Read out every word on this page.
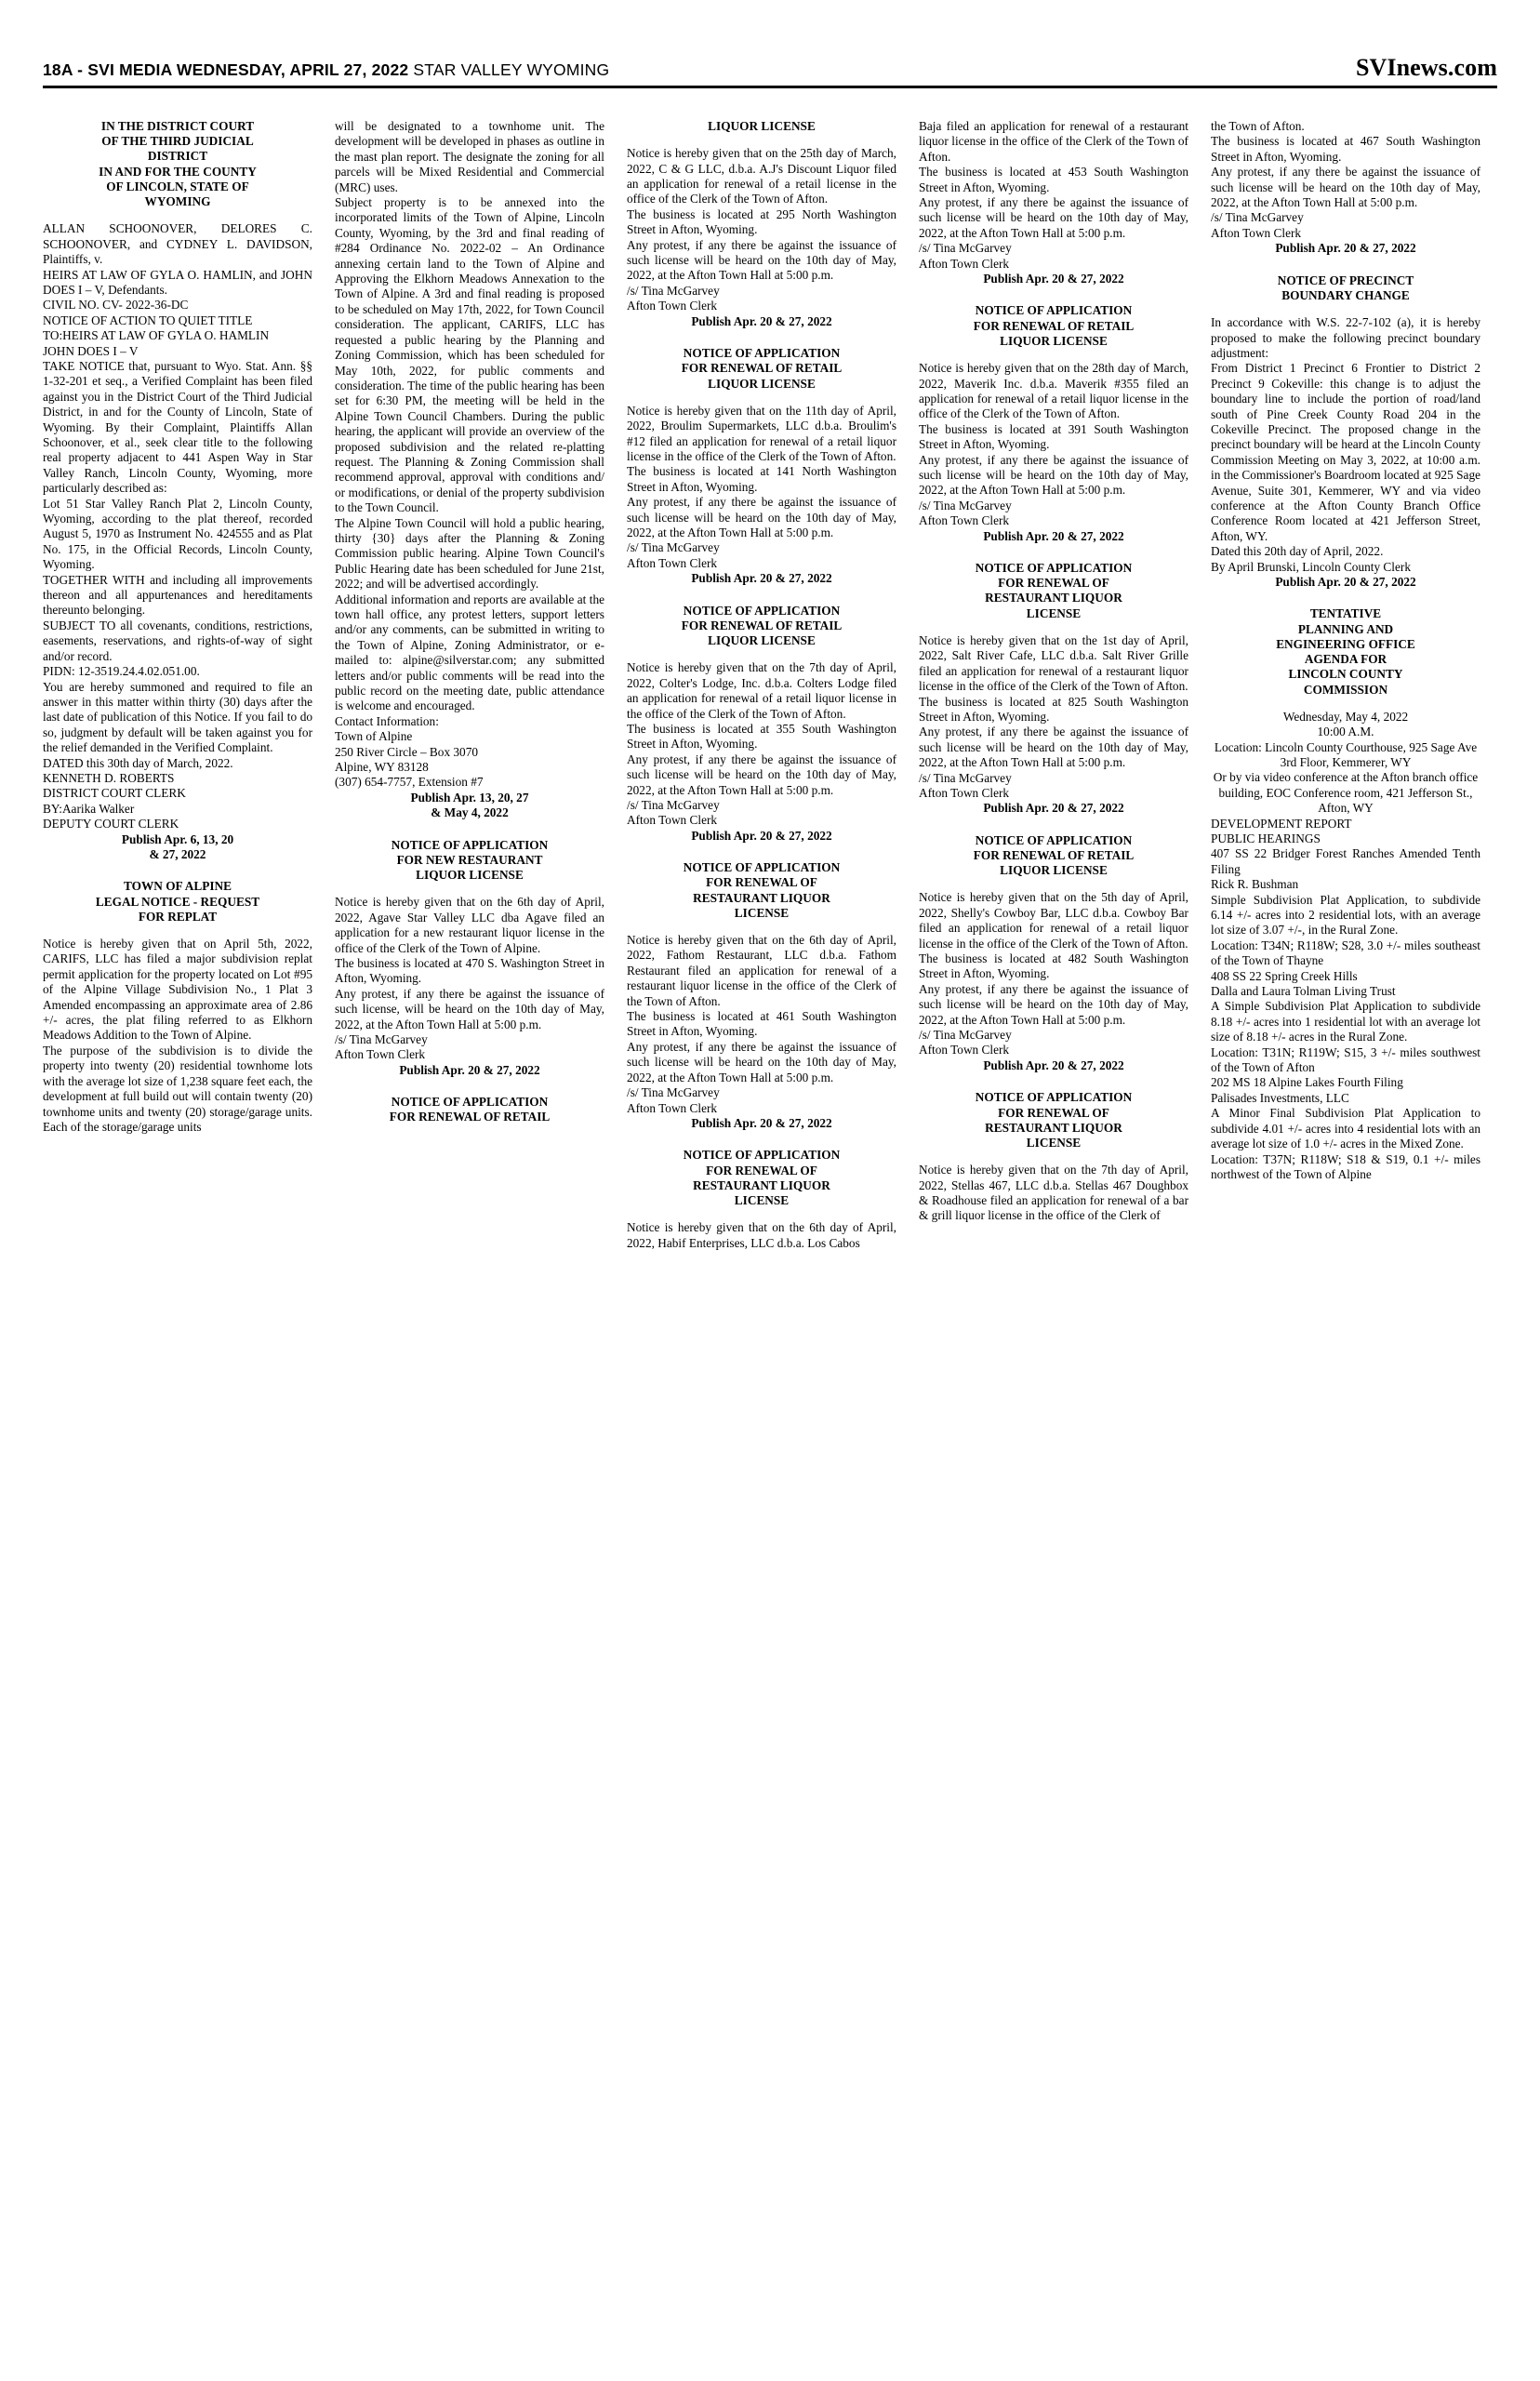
18A - SVI MEDIA WEDNESDAY, APRIL 27, 2022 STAR VALLEY WYOMING	SVInews.com

IN THE DISTRICT COURT
OF THE THIRD JUDICIAL
DISTRICT
IN AND FOR THE COUNTY
OF LINCOLN, STATE OF
WYOMING

ALLAN SCHOONOVER, DELORES C. SCHOONOVER, and CYDNEY L. DAVIDSON, Plaintiffs, v.

HEIRS AT LAW OF GYLA O. HAMLIN, and JOHN DOES I – V, Defendants.

CIVIL NO. CV- 2022-36-DC

NOTICE OF ACTION TO QUIET TITLE

TO:HEIRS AT LAW OF GYLA O. HAMLIN

JOHN DOES I – V

TAKE NOTICE that, pursuant to Wyo. Stat. Ann. §§ 1-32-201 et seq., a Verified Complaint has been filed against you in the District Court of the Third Judicial District, in and for the County of Lincoln, State of Wyoming. By their Complaint, Plaintiffs Allan Schoonover, et al., seek clear title to the following real property adjacent to 441 Aspen Way in Star Valley Ranch, Lincoln County, Wyoming, more particularly described as:

Lot 51 Star Valley Ranch Plat 2, Lincoln County, Wyoming, according to the plat thereof, recorded August 5, 1970 as Instrument No. 424555 and as Plat No. 175, in the Official Records, Lincoln County, Wyoming.

TOGETHER WITH and including all improvements thereon and all appurtenances and hereditaments thereunto belonging.

SUBJECT TO all covenants, conditions, restrictions, easements, reservations, and rights-of-way of sight and/or record.

PIDN: 12-3519.24.4.02.051.00.

You are hereby summoned and required to file an answer in this matter within thirty (30) days after the last date of publication of this Notice. If you fail to do so, judgment by default will be taken against you for the relief demanded in the Verified Complaint.

DATED this 30th day of March, 2022.

KENNETH D. ROBERTS

DISTRICT COURT CLERK

BY:Aarika Walker

DEPUTY COURT CLERK

Publish Apr. 6, 13, 20
& 27, 2022

TOWN OF ALPINE
LEGAL NOTICE - REQUEST
FOR REPLAT

Notice is hereby given that on April 5th, 2022, CARIFS, LLC has filed a major subdivision replat permit application for the property located on Lot #95 of the Alpine Village Subdivision No., 1 Plat 3 Amended encompassing an approximate area of 2.86 +/- acres, the plat filing referred to as Elkhorn Meadows Addition to the Town of Alpine.

The purpose of the subdivision is to divide the property into twenty (20) residential townhome lots with the average lot size of 1,238 square feet each, the development at full build out will contain twenty (20) townhome units and twenty (20) storage/garage units. Each of the storage/garage units

will be designated to a townhome unit. The development will be developed in phases as outline in the mast plan report. The designate the zoning for all parcels will be Mixed Residential and Commercial (MRC) uses.

Subject property is to be annexed into the incorporated limits of the Town of Alpine, Lincoln County, Wyoming, by the 3rd and final reading of #284 Ordinance No. 2022-02 – An Ordinance annexing certain land to the Town of Alpine and Approving the Elkhorn Meadows Annexation to the Town of Alpine. A 3rd and final reading is proposed to be scheduled on May 17th, 2022, for Town Council consideration. The applicant, CARIFS, LLC has requested a public hearing by the Planning and Zoning Commission, which has been scheduled for May 10th, 2022, for public comments and consideration. The time of the public hearing has been set for 6:30 PM, the meeting will be held in the Alpine Town Council Chambers. During the public hearing, the applicant will provide an overview of the proposed subdivision and the related re-platting request. The Planning & Zoning Commission shall recommend approval, approval with conditions and/ or modifications, or denial of the property subdivision to the Town Council.

The Alpine Town Council will hold a public hearing, thirty {30} days after the Planning & Zoning Commission public hearing. Alpine Town Council's Public Hearing date has been scheduled for June 21st, 2022; and will be advertised accordingly.

Additional information and reports are available at the town hall office, any protest letters, support letters and/or any comments, can be submitted in writing to the Town of Alpine, Zoning Administrator, or e-mailed to: alpine@silverstar.com; any submitted letters and/or public comments will be read into the public record on the meeting date, public attendance is welcome and encouraged.

Contact Information:

Town of Alpine

250 River Circle – Box 3070

Alpine, WY 83128

(307) 654-7757, Extension #7

Publish Apr. 13, 20, 27
& May 4, 2022

NOTICE OF APPLICATION
FOR NEW RESTAURANT
LIQUOR LICENSE

Notice is hereby given that on the 6th day of April, 2022, Agave Star Valley LLC dba Agave filed an application for a new restaurant liquor license in the office of the Clerk of the Town of Alpine.

The business is located at 470 S. Washington Street in Afton, Wyoming.

Any protest, if any there be against the issuance of such license, will be heard on the 10th day of May, 2022, at the Afton Town Hall at 5:00 p.m.

/s/ Tina McGarvey

Afton Town Clerk

Publish Apr. 20 & 27, 2022

NOTICE OF APPLICATION
FOR RENEWAL OF RETAIL

LIQUOR LICENSE

Notice is hereby given that on the 25th day of March, 2022, C & G LLC, d.b.a. A.J's Discount Liquor filed an application for renewal of a retail license in the office of the Clerk of the Town of Afton.

The business is located at 295 North Washington Street in Afton, Wyoming.

Any protest, if any there be against the issuance of such license will be heard on the 10th day of May, 2022, at the Afton Town Hall at 5:00 p.m.

/s/ Tina McGarvey

Afton Town Clerk

Publish Apr. 20 & 27, 2022

NOTICE OF APPLICATION
FOR RENEWAL OF RETAIL
LIQUOR LICENSE

Notice is hereby given that on the 11th day of April, 2022, Broulim Supermarkets, LLC d.b.a. Broulim's #12 filed an application for renewal of a retail liquor license in the office of the Clerk of the Town of Afton.

The business is located at 141 North Washington Street in Afton, Wyoming.

Any protest, if any there be against the issuance of such license will be heard on the 10th day of May, 2022, at the Afton Town Hall at 5:00 p.m.

/s/ Tina McGarvey

Afton Town Clerk

Publish Apr. 20 & 27, 2022

NOTICE OF APPLICATION
FOR RENEWAL OF RETAIL
LIQUOR LICENSE

Notice is hereby given that on the 7th day of April, 2022, Colter's Lodge, Inc. d.b.a. Colters Lodge filed an application for renewal of a retail liquor license in the office of the Clerk of the Town of Afton.

The business is located at 355 South Washington Street in Afton, Wyoming.

Any protest, if any there be against the issuance of such license will be heard on the 10th day of May, 2022, at the Afton Town Hall at 5:00 p.m.

/s/ Tina McGarvey

Afton Town Clerk

Publish Apr. 20 & 27, 2022

NOTICE OF APPLICATION
FOR RENEWAL OF
RESTAURANT LIQUOR
LICENSE

Notice is hereby given that on the 6th day of April, 2022, Fathom Restaurant, LLC d.b.a. Fathom Restaurant filed an application for renewal of a restaurant liquor license in the office of the Clerk of the Town of Afton.

The business is located at 461 South Washington Street in Afton, Wyoming.

Any protest, if any there be against the issuance of such license will be heard on the 10th day of May, 2022, at the Afton Town Hall at 5:00 p.m.

/s/ Tina McGarvey

Afton Town Clerk

Publish Apr. 20 & 27, 2022

NOTICE OF APPLICATION
FOR RENEWAL OF
RESTAURANT LIQUOR
LICENSE

Notice is hereby given that on the 6th day of April, 2022, Habif Enterprises, LLC d.b.a. Los Cabos

Baja filed an application for renewal of a restaurant liquor license in the office of the Clerk of the Town of Afton.

The business is located at 453 South Washington Street in Afton, Wyoming.

Any protest, if any there be against the issuance of such license will be heard on the 10th day of May, 2022, at the Afton Town Hall at 5:00 p.m.

/s/ Tina McGarvey

Afton Town Clerk

Publish Apr. 20 & 27, 2022

NOTICE OF APPLICATION
FOR RENEWAL OF RETAIL
LIQUOR LICENSE

Notice is hereby given that on the 28th day of March, 2022, Maverik Inc. d.b.a. Maverik #355 filed an application for renewal of a retail liquor license in the office of the Clerk of the Town of Afton.

The business is located at 391 South Washington Street in Afton, Wyoming.

Any protest, if any there be against the issuance of such license will be heard on the 10th day of May, 2022, at the Afton Town Hall at 5:00 p.m.

/s/ Tina McGarvey

Afton Town Clerk

Publish Apr. 20 & 27, 2022

NOTICE OF APPLICATION
FOR RENEWAL OF
RESTAURANT LIQUOR
LICENSE

Notice is hereby given that on the 1st day of April, 2022, Salt River Cafe, LLC d.b.a. Salt River Grille filed an application for renewal of a restaurant liquor license in the office of the Clerk of the Town of Afton.

The business is located at 825 South Washington Street in Afton, Wyoming.

Any protest, if any there be against the issuance of such license will be heard on the 10th day of May, 2022, at the Afton Town Hall at 5:00 p.m.

/s/ Tina McGarvey

Afton Town Clerk

Publish Apr. 20 & 27, 2022

NOTICE OF APPLICATION
FOR RENEWAL OF RETAIL
LIQUOR LICENSE

Notice is hereby given that on the 5th day of April, 2022, Shelly's Cowboy Bar, LLC d.b.a. Cowboy Bar filed an application for renewal of a retail liquor license in the office of the Clerk of the Town of Afton.

The business is located at 482 South Washington Street in Afton, Wyoming.

Any protest, if any there be against the issuance of such license will be heard on the 10th day of May, 2022, at the Afton Town Hall at 5:00 p.m.

/s/ Tina McGarvey

Afton Town Clerk

Publish Apr. 20 & 27, 2022

NOTICE OF APPLICATION
FOR RENEWAL OF
RESTAURANT LIQUOR
LICENSE

Notice is hereby given that on the 7th day of April, 2022, Stellas 467, LLC d.b.a. Stellas 467 Doughbox & Roadhouse filed an application for renewal of a bar & grill liquor license in the office of the Clerk of

the Town of Afton.

The business is located at 467 South Washington Street in Afton, Wyoming.

Any protest, if any there be against the issuance of such license will be heard on the 10th day of May, 2022, at the Afton Town Hall at 5:00 p.m.

/s/ Tina McGarvey

Afton Town Clerk

Publish Apr. 20 & 27, 2022

NOTICE OF PRECINCT
BOUNDARY CHANGE

In accordance with W.S. 22-7-102 (a), it is hereby proposed to make the following precinct boundary adjustment:

From District 1 Precinct 6 Frontier to District 2 Precinct 9 Cokeville: this change is to adjust the boundary line to include the portion of road/land south of Pine Creek County Road 204 in the Cokeville Precinct. The proposed change in the precinct boundary will be heard at the Lincoln County Commission Meeting on May 3, 2022, at 10:00 a.m. in the Commissioner's Boardroom located at 925 Sage Avenue, Suite 301, Kemmerer, WY and via video conference at the Afton County Branch Office Conference Room located at 421 Jefferson Street, Afton, WY.

Dated this 20th day of April, 2022.

By April Brunski, Lincoln County Clerk

Publish Apr. 20 & 27, 2022

TENTATIVE
PLANNING AND
ENGINEERING OFFICE
AGENDA FOR
LINCOLN COUNTY
COMMISSION

Wednesday, May 4, 2022

10:00 A.M.

Location: Lincoln County Courthouse, 925 Sage Ave 3rd Floor, Kemmerer, WY

Or by via video conference at the Afton branch office building, EOC Conference room, 421 Jefferson St., Afton, WY

DEVELOPMENT REPORT

PUBLIC HEARINGS

407 SS 22 Bridger Forest Ranches Amended Tenth Filing

Rick R. Bushman

Simple Subdivision Plat Application, to subdivide 6.14 +/- acres into 2 residential lots, with an average lot size of 3.07 +/-, in the Rural Zone.

Location: T34N; R118W; S28, 3.0 +/- miles southeast of the Town of Thayne

408 SS 22 Spring Creek Hills

Dalla and Laura Tolman Living Trust

A Simple Subdivision Plat Application to subdivide 8.18 +/- acres into 1 residential lot with an average lot size of 8.18 +/- acres in the Rural Zone.

Location: T31N; R119W; S15, 3 +/- miles southwest of the Town of Afton

202 MS 18 Alpine Lakes Fourth Filing

Palisades Investments, LLC

A Minor Final Subdivision Plat Application to subdivide 4.01 +/- acres into 4 residential lots with an average lot size of 1.0 +/- acres in the Mixed Zone.

Location: T37N; R118W; S18 & S19, 0.1 +/- miles northwest of the Town of Alpine
